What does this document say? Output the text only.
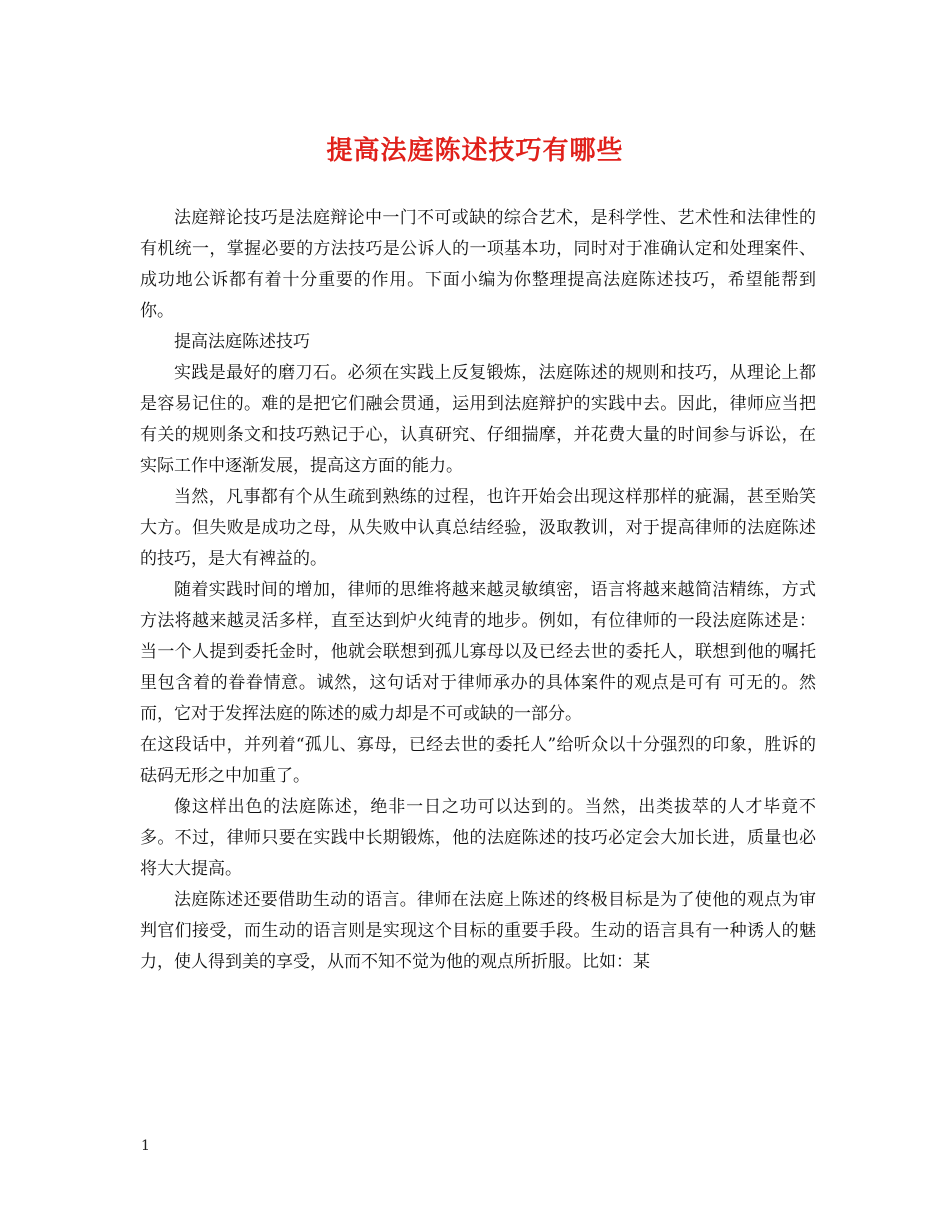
提高法庭陈述技巧有哪些

法庭辩论技巧是法庭辩论中一门不可或缺的综合艺术，是科学性、艺术性和法律性的有机统一，掌握必要的方法技巧是公诉人的一项基本功，同时对于准确认定和处理案件、成功地公诉都有着十分重要的作用。下面小编为你整理提高法庭陈述技巧，希望能帮到你。

提高法庭陈述技巧

实践是最好的磨刀石。必须在实践上反复锻炼，法庭陈述的规则和技巧，从理论上都是容易记住的。难的是把它们融会贯通，运用到法庭辩护的实践中去。因此，律师应当把有关的规则条文和技巧熟记于心，认真研究、仔细揣摩，并花费大量的时间参与诉讼，在实际工作中逐渐发展，提高这方面的能力。

当然，凡事都有个从生疏到熟练的过程，也许开始会出现这样那样的疵漏，甚至贻笑大方。但失败是成功之母，从失败中认真总结经验，汲取教训，对于提高律师的法庭陈述的技巧，是大有裨益的。

随着实践时间的增加，律师的思维将越来越灵敏缜密，语言将越来越简洁精练，方式方法将越来越灵活多样，直至达到炉火纯青的地步。例如，有位律师的一段法庭陈述是：当一个人提到委托金时，他就会联想到孤儿寡母以及已经去世的委托人，联想到他的嘱托里包含着的眷眷情意。诚然，这句话对于律师承办的具体案件的观点是可有 可无的。然而，它对于发挥法庭的陈述的威力却是不可或缺的一部分。

在这段话中，并列着“孤儿、寡母，已经去世的委托人”给听众以十分强烈的印象，胜诉的砝码无形之中加重了。

像这样出色的法庭陈述，绝非一日之功可以达到的。当然，出类拔萃的人才毕竟不多。不过，律师只要在实践中长期锻炼，他的法庭陈述的技巧必定会大加长进，质量也必将大大提高。

法庭陈述还要借助生动的语言。律师在法庭上陈述的终极目标是为了使他的观点为审判官们接受，而生动的语言则是实现这个目标的重要手段。生动的语言具有一种诱人的魅力，使人得到美的享受，从而不知不觉为他的观点所折服。比如：某

1
